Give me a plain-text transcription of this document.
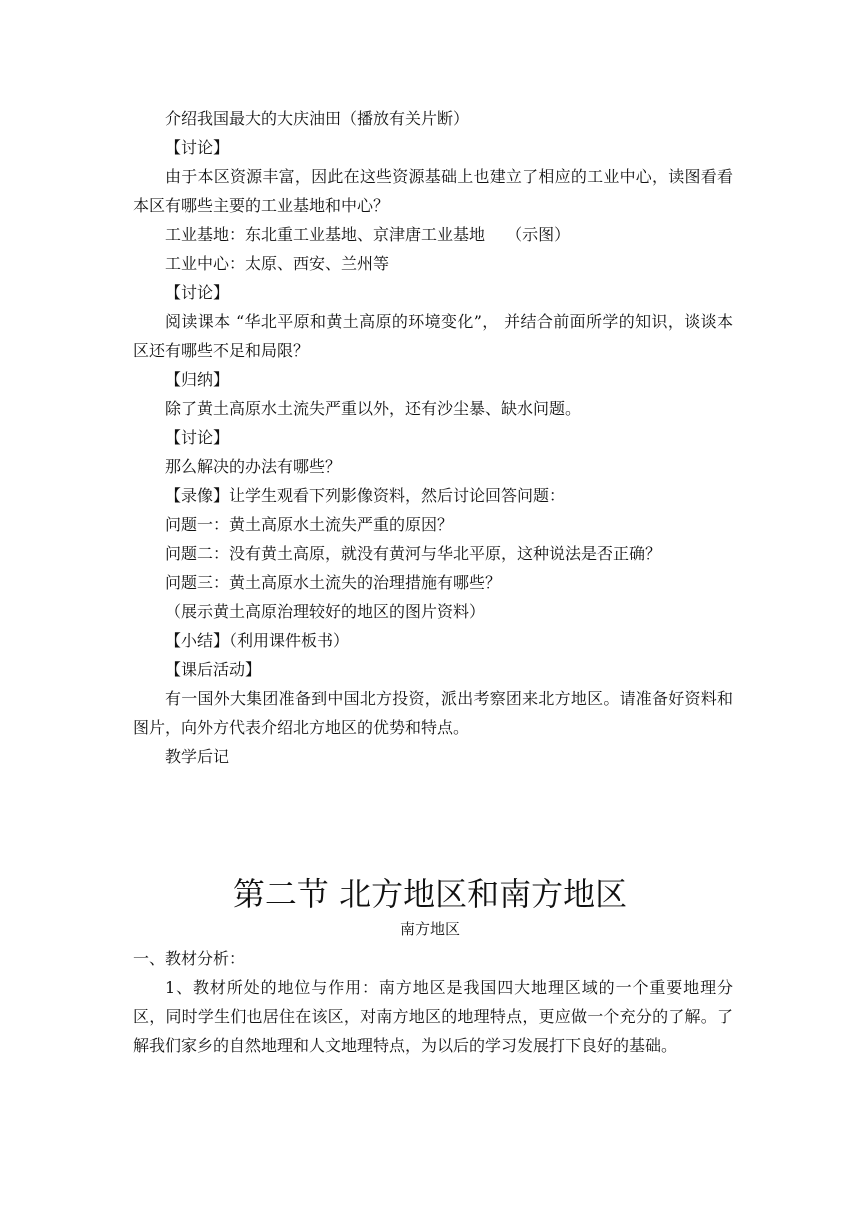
介绍我国最大的大庆油田（播放有关片断）
【讨论】
由于本区资源丰富，因此在这些资源基础上也建立了相应的工业中心，读图看看本区有哪些主要的工业基地和中心？
工业基地：东北重工业基地、京津唐工业基地　 （示图）
工业中心：太原、西安、兰州等
【讨论】
阅读课本 “华北平原和黄土高原的环境变化”， 并结合前面所学的知识，谈谈本区还有哪些不足和局限？
【归纳】
除了黄土高原水土流失严重以外，还有沙尘暴、缺水问题。
【讨论】
那么解决的办法有哪些？
【录像】让学生观看下列影像资料，然后讨论回答问题：
问题一：黄土高原水土流失严重的原因？
问题二：没有黄土高原，就没有黄河与华北平原，这种说法是否正确？
问题三：黄土高原水土流失的治理措施有哪些？
（展示黄土高原治理较好的地区的图片资料）
【小结】（利用课件板书）
【课后活动】
有一国外大集团准备到中国北方投资，派出考察团来北方地区。请准备好资料和图片，向外方代表介绍北方地区的优势和特点。
教学后记
第二节 北方地区和南方地区
南方地区
一、教材分析：
1、教材所处的地位与作用：南方地区是我国四大地理区域的一个重要地理分区，同时学生们也居住在该区，对南方地区的地理特点，更应做一个充分的了解。了解我们家乡的自然地理和人文地理特点，为以后的学习发展打下良好的基础。
